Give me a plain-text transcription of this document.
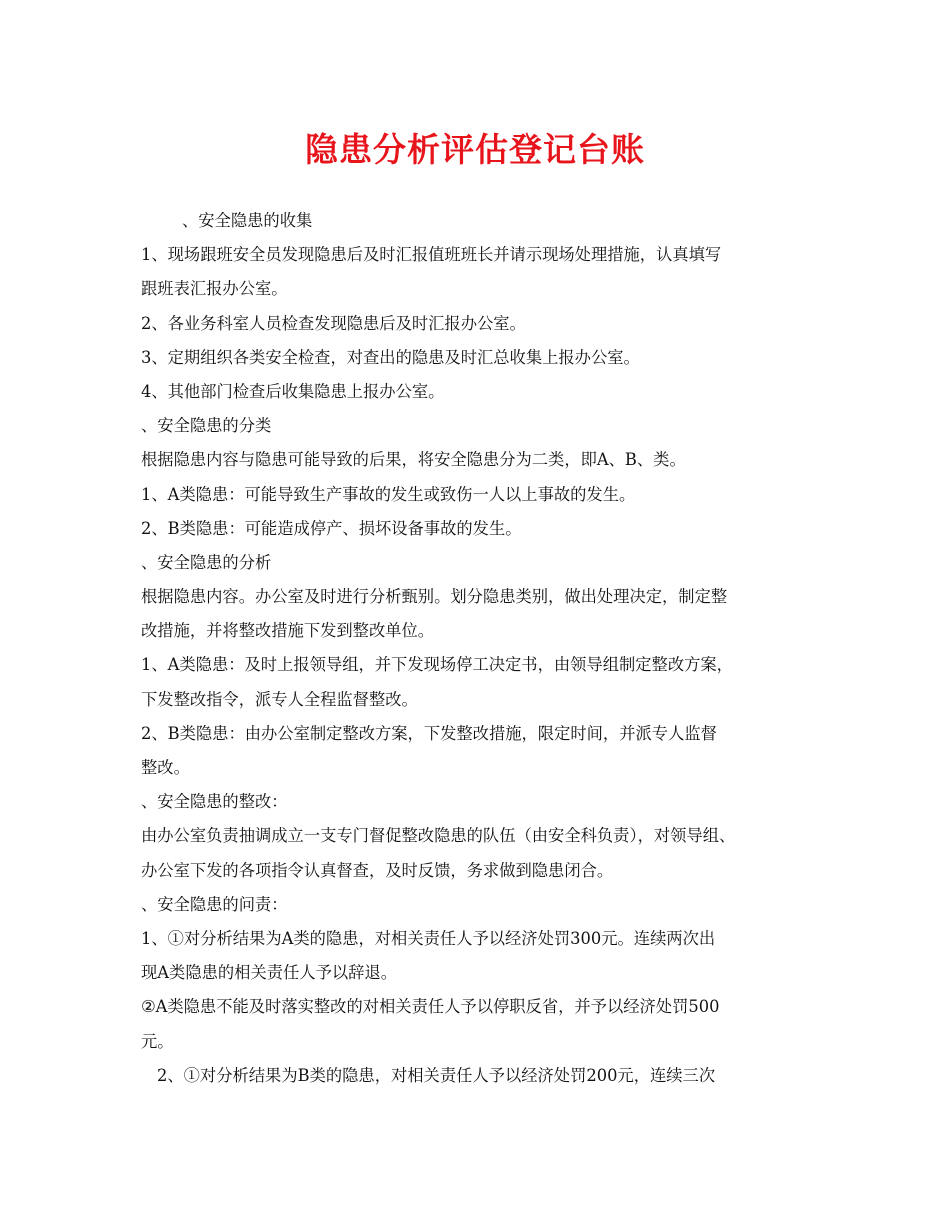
隐患分析评估登记台账
、安全隐患的收集
1、现场跟班安全员发现隐患后及时汇报值班班长并请示现场处理措施，认真填写
跟班表汇报办公室。
2、各业务科室人员检查发现隐患后及时汇报办公室。
3、定期组织各类安全检查，对查出的隐患及时汇总收集上报办公室。
4、其他部门检查后收集隐患上报办公室。
、安全隐患的分类
根据隐患内容与隐患可能导致的后果，将安全隐患分为二类，即A、B、类。
1、A类隐患：可能导致生产事故的发生或致伤一人以上事故的发生。
2、B类隐患：可能造成停产、损坏设备事故的发生。
、安全隐患的分析
根据隐患内容。办公室及时进行分析甄别。划分隐患类别，做出处理决定，制定整
改措施，并将整改措施下发到整改单位。
1、A类隐患：及时上报领导组，并下发现场停工决定书，由领导组制定整改方案，
下发整改指令，派专人全程监督整改。
2、B类隐患：由办公室制定整改方案，下发整改措施，限定时间，并派专人监督
整改。
、安全隐患的整改：
由办公室负责抽调成立一支专门督促整改隐患的队伍（由安全科负责），对领导组、
办公室下发的各项指令认真督查，及时反馈，务求做到隐患闭合。
、安全隐患的问责：
1、①对分析结果为A类的隐患，对相关责任人予以经济处罚300元。连续两次出
现A类隐患的相关责任人予以辞退。
②A类隐患不能及时落实整改的对相关责任人予以停职反省，并予以经济处罚500
元。
2、①对分析结果为B类的隐患，对相关责任人予以经济处罚200元，连续三次
